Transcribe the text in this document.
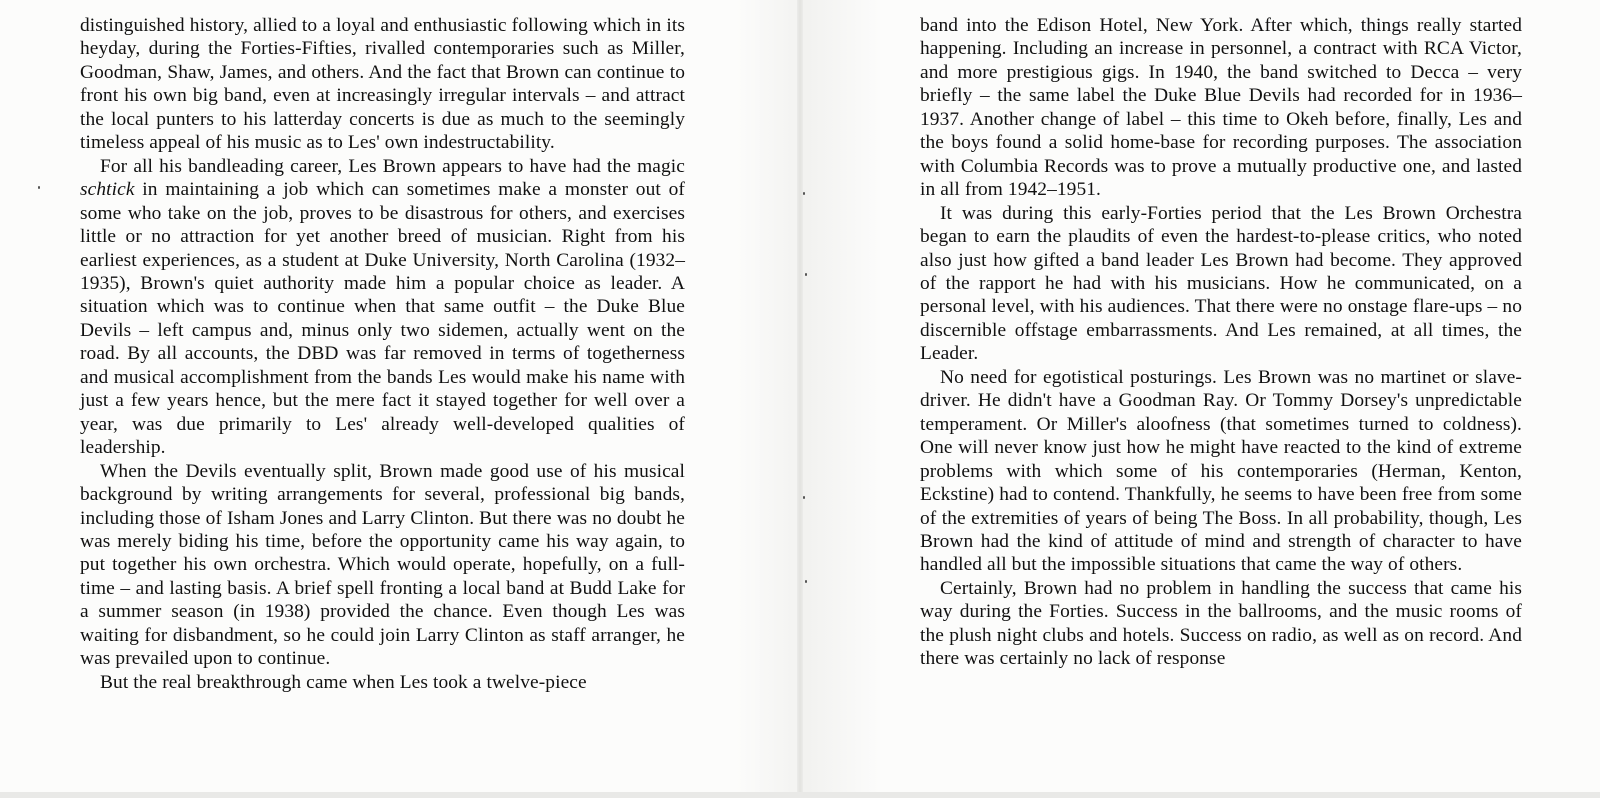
distinguished history, allied to a loyal and enthusiastic following which in its heyday, during the Forties-Fifties, rivalled contemporaries such as Miller, Goodman, Shaw, James, and others. And the fact that Brown can continue to front his own big band, even at increasingly irregular intervals – and attract the local punters to his latterday concerts is due as much to the seemingly timeless appeal of his music as to Les' own indestructability.

For all his bandleading career, Les Brown appears to have had the magic schtick in maintaining a job which can sometimes make a monster out of some who take on the job, proves to be disastrous for others, and exercises little or no attraction for yet another breed of musician. Right from his earliest experiences, as a student at Duke University, North Carolina (1932–1935), Brown's quiet authority made him a popular choice as leader. A situation which was to continue when that same outfit – the Duke Blue Devils – left campus and, minus only two sidemen, actually went on the road. By all accounts, the DBD was far removed in terms of togetherness and musical accomplishment from the bands Les would make his name with just a few years hence, but the mere fact it stayed together for well over a year, was due primarily to Les' already well-developed qualities of leadership.

When the Devils eventually split, Brown made good use of his musical background by writing arrangements for several, professional big bands, including those of Isham Jones and Larry Clinton. But there was no doubt he was merely biding his time, before the opportunity came his way again, to put together his own orchestra. Which would operate, hopefully, on a full-time – and lasting basis. A brief spell fronting a local band at Budd Lake for a summer season (in 1938) provided the chance. Even though Les was waiting for disbandment, so he could join Larry Clinton as staff arranger, he was prevailed upon to continue.

But the real breakthrough came when Les took a twelve-piece

band into the Edison Hotel, New York. After which, things really started happening. Including an increase in personnel, a contract with RCA Victor, and more prestigious gigs. In 1940, the band switched to Decca – very briefly – the same label the Duke Blue Devils had recorded for in 1936–1937. Another change of label – this time to Okeh before, finally, Les and the boys found a solid home-base for recording purposes. The association with Columbia Records was to prove a mutually productive one, and lasted in all from 1942–1951.

It was during this early-Forties period that the Les Brown Orchestra began to earn the plaudits of even the hardest-to-please critics, who noted also just how gifted a band leader Les Brown had become. They approved of the rapport he had with his musicians. How he communicated, on a personal level, with his audiences. That there were no onstage flare-ups – no discernible offstage embarrassments. And Les remained, at all times, the Leader.

No need for egotistical posturings. Les Brown was no martinet or slave-driver. He didn't have a Goodman Ray. Or Tommy Dorsey's unpredictable temperament. Or Miller's aloofness (that sometimes turned to coldness). One will never know just how he might have reacted to the kind of extreme problems with which some of his contemporaries (Herman, Kenton, Eckstine) had to contend. Thankfully, he seems to have been free from some of the extremities of years of being The Boss. In all probability, though, Les Brown had the kind of attitude of mind and strength of character to have handled all but the impossible situations that came the way of others.

Certainly, Brown had no problem in handling the success that came his way during the Forties. Success in the ballrooms, and the music rooms of the plush night clubs and hotels. Success on radio, as well as on record. And there was certainly no lack of response
